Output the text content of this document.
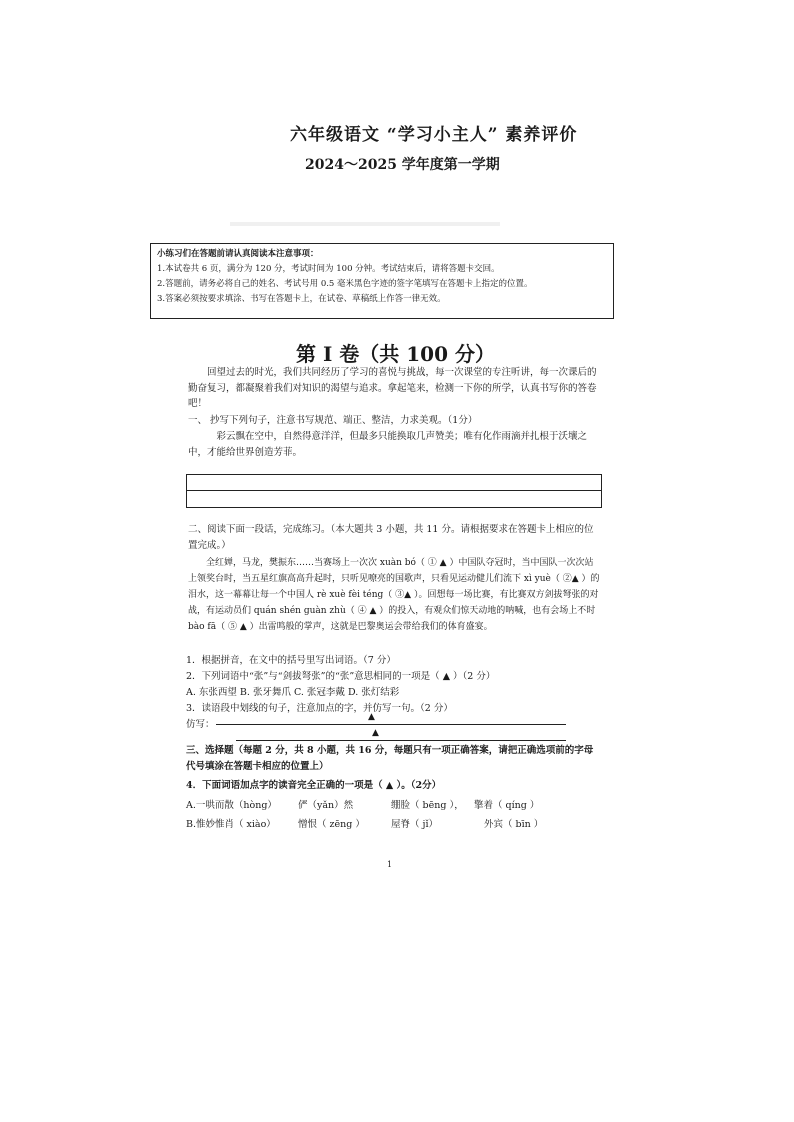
六年级语文 “学习小主人” 素养评价
2024～2025 学年度第一学期
小练习们在答题前请认真阅读本注意事项：
1.本试卷共 6 页，满分为 120 分，考试时间为 100 分钟。考试结束后，请将答题卡交回。
2.答题前，请务必将自己的姓名、考试号用 0.5 毫米黑色字迹的签字笔填写在答题卡上指定的位置。
3.答案必须按要求填涂、书写在答题卡上，在试卷、草稿纸上作答一律无效。
第 I 卷（共 100 分）
回望过去的时光，我们共同经历了学习的喜悦与挑战，每一次课堂的专注听讲，每一次课后的勤奋复习，都凝聚着我们对知识的渴望与追求。拿起笔来，检测一下你的所学，认真书写你的答卷吧！
一、 抄写下列句子，注意书写规范、端正、整洁，力求美观。（1分）
彩云飘在空中，自然得意洋洋，但最多只能换取几声赞美；唯有化作雨滴并扎根于沃壤之中，才能给世界创造芳菲。
二、阅读下面一段话，完成练习。（本大题共 3 小题，共 11 分。请根据要求在答题卡上相应的位置完成。）
全红婵，马龙，樊振东……当赛场上一次次 xuàn bó（ ① ▲ ）中国队夺冠时，当中国队一次次站上领奖台时，当五星红旗高高升起时，只听见嘹亮的国歌声，只看见运动健儿们流下 xì yuè（ ②▲ ）的泪水，这一幕幕让每一个中国人 rè xuè fèi téng（ ③▲ ）。回想每一场比赛，有比赛双方剑拔弩张的对战，有运动员们 quán shén guàn zhù（ ④ ▲ ）的投入，有观众们惊天动地的呐喊，也有会场上不时 bào fā（ ⑤ ▲ ）出雷鸣般的掌声，这就是巴黎奥运会带给我们的体育盛宴。
1．根据拼音，在文中的括号里写出词语。（7 分）
2．下列词语中“张”与“剑拔弩张”的“张”意思相同的一项是（ ▲ ）（2 分）
A. 东张西望 B. 张牙舞爪 C. 张冠李戴 D. 张灯结彩
3．读语段中划线的句子，注意加点的字，并仿写一句。（2 分）
仿写：
▲
▲
三、选择题（每题 2 分，共 8 小题，共 16 分，每题只有一项正确答案，请把正确选项前的字母代号填涂在答题卡相应的位置上）
4．下面词语加点字的读音完全正确的一项是（ ▲ ）。（2分）
A.一哄而散（hòng） 俨（yǎn）然	绷脸（ bēng ）， 擎着（ qíng ）
B.惟妙惟肖（ xiào） 憎恨（ zēng ）	屋脊（ jǐ）	外宾（ bīn ）
1
